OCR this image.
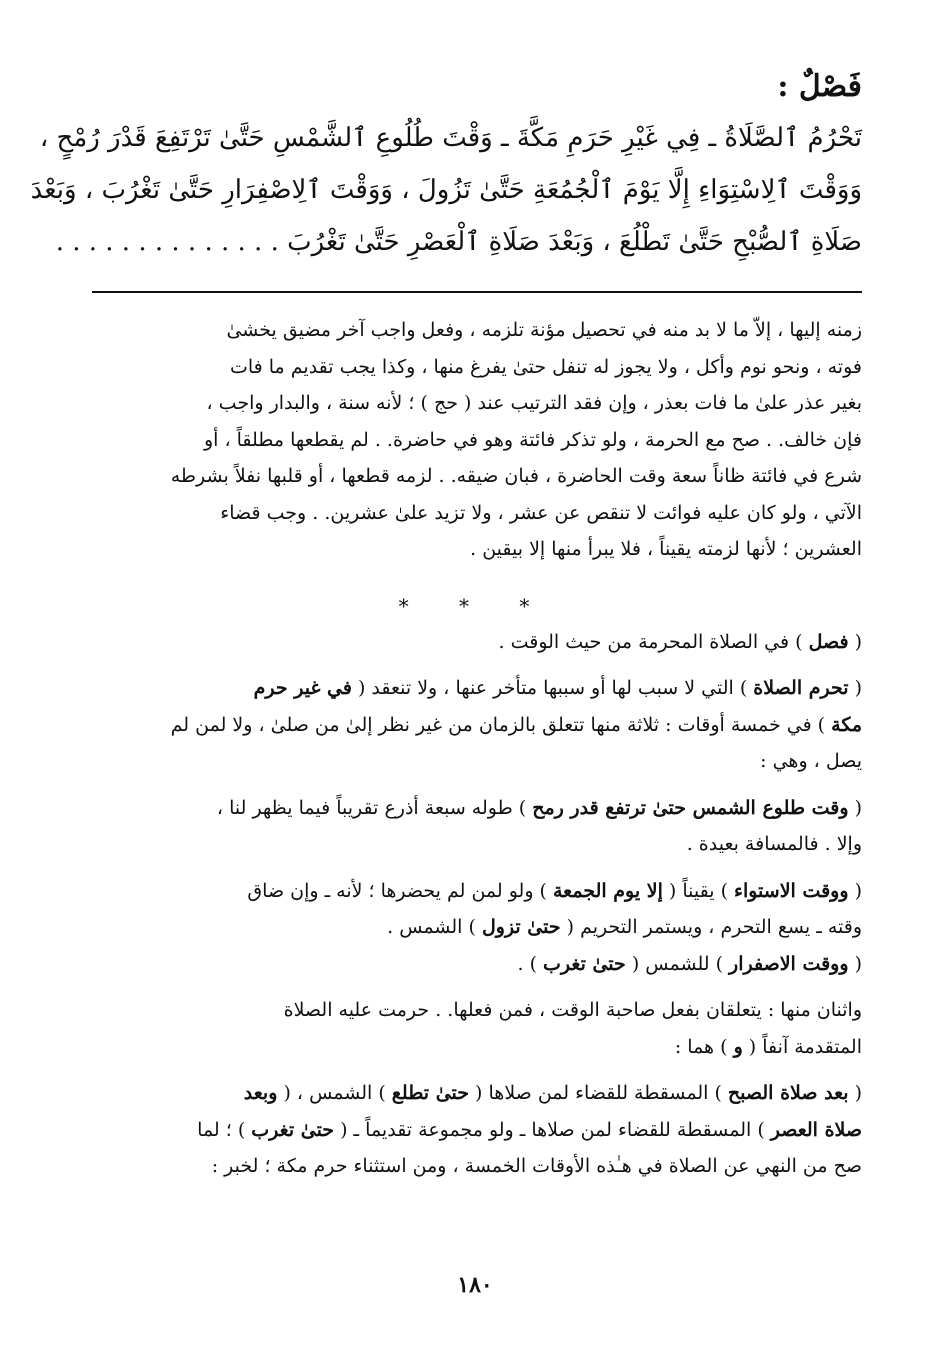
فَصْلٌ :

تَحْرُمُ ٱلصَّلَاةُ ـ فِي غَيْرِ حَرَمِ مَكَّةَ ـ وَقْتَ طُلُوعِ ٱلشَّمْسِ حَتَّىٰ تَرْتَفِعَ قَدْرَ رُمْحٍ ،
وَوَقْتَ ٱلِاسْتِوَاءِ إِلَّا يَوْمَ ٱلْجُمُعَةِ حَتَّىٰ تَزُولَ ، وَوَقْتَ ٱلِاصْفِرَارِ حَتَّىٰ تَغْرُبَ ، وَبَعْدَ
صَلَاةِ ٱلصُّبْحِ حَتَّىٰ تَطْلُعَ ، وَبَعْدَ صَلَاةِ ٱلْعَصْرِ حَتَّىٰ تَغْرُبَ . . . . . . . . . . . . . .

زمنه إليها ، إلاّ ما لا بد منه في تحصيل مؤنة تلزمه ، وفعل واجب آخر مضيق يخشىٰ
فوته ، ونحو نوم وأكل ، ولا يجوز له تنفل حتىٰ يفرغ منها ، وكذا يجب تقديم ما فات
بغير عذر علىٰ ما فات بعذر ، وإن فقد الترتيب عند ( حج ) ؛ لأنه سنة ، والبدار واجب ،
فإن خالف. . صح مع الحرمة ، ولو تذكر فائتة وهو في حاضرة. . لم يقطعها مطلقاً ، أو
شرع في فائتة ظاناً سعة وقت الحاضرة ، فبان ضيقه. . لزمه قطعها ، أو قلبها نفلاً بشرطه
الآتي ، ولو كان عليه فوائت لا تنقص عن عشر ، ولا تزيد علىٰ عشرين. . وجب قضاء
العشرين ؛ لأنها لزمته يقيناً ، فلا يبرأ منها إلا بيقين .
* * *
( فصل ) في الصلاة المحرمة من حيث الوقت .
( تحرم الصلاة ) التي لا سبب لها أو سببها متأخر عنها ، ولا تنعقد ( في غير حرم
مكة ) في خمسة أوقات : ثلاثة منها تتعلق بالزمان من غير نظر إلىٰ من صلىٰ ، ولا لمن لم
يصل ، وهي :
( وقت طلوع الشمس حتىٰ ترتفع قدر رمح ) طوله سبعة أذرع تقريباً فيما يظهر لنا ،
وإلا . فالمسافة بعيدة .
( ووقت الاستواء ) يقيناً ( إلا يوم الجمعة ) ولو لمن لم يحضرها ؛ لأنه ـ وإن ضاق
وقته ـ يسع التحرم ، ويستمر التحريم ( حتىٰ تزول ) الشمس .
( ووقت الاصفرار ) للشمس ( حتىٰ تغرب ) .
واثنان منها : يتعلقان بفعل صاحبة الوقت ، فمن فعلها. . حرمت عليه الصلاة
المتقدمة آنفاً ( و ) هما :
( بعد صلاة الصبح ) المسقطة للقضاء لمن صلاها ( حتىٰ تطلع ) الشمس ، ( وبعد
صلاة العصر ) المسقطة للقضاء لمن صلاها ـ ولو مجموعة تقديماً ـ ( حتىٰ تغرب ) ؛ لما
صح من النهي عن الصلاة في هـٰذه الأوقات الخمسة ، ومن استثناء حرم مكة ؛ لخبر :
١٨٠
